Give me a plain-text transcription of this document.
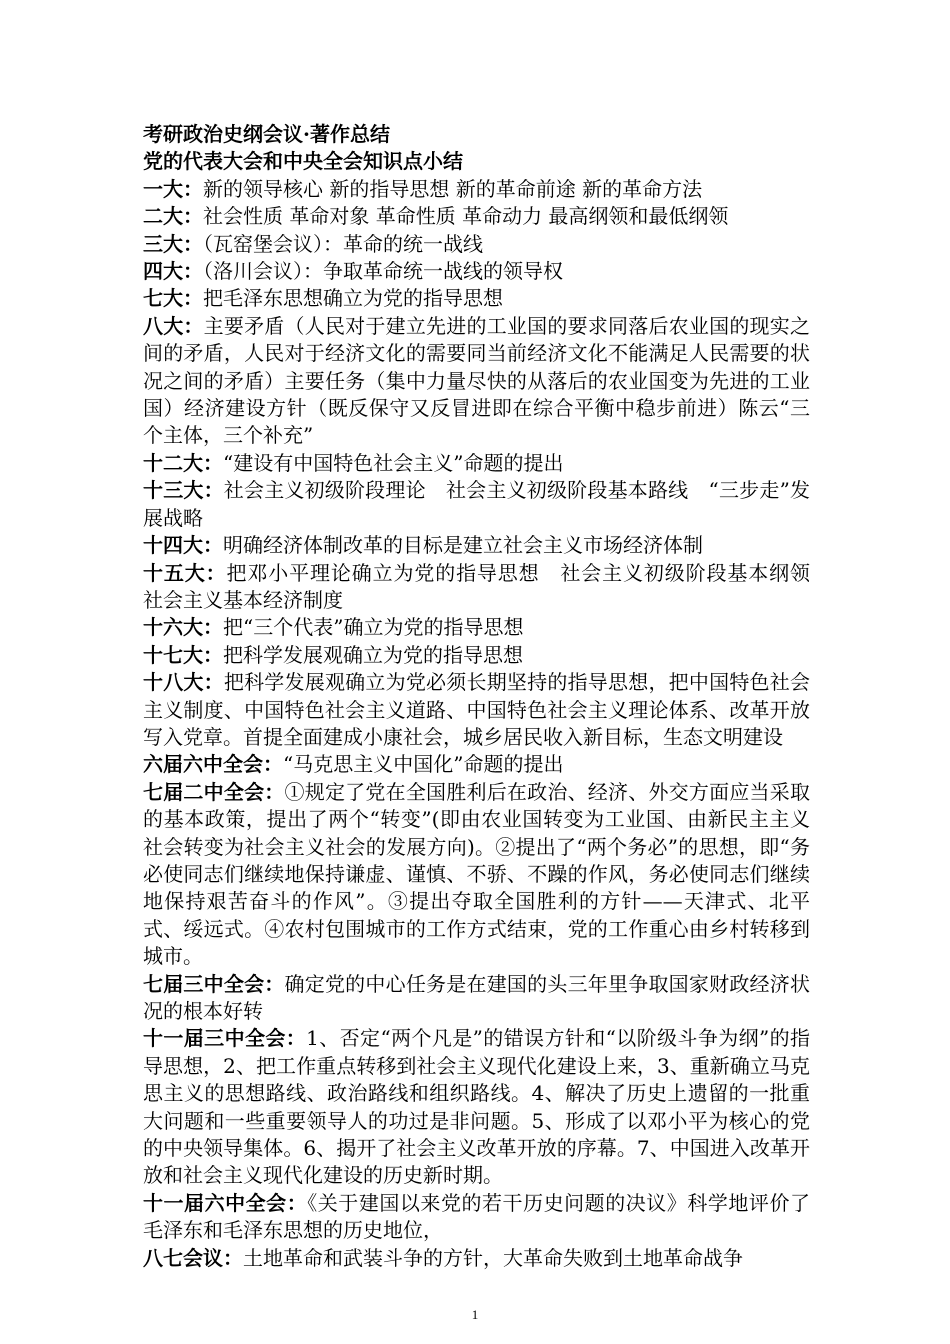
考研政治史纲会议·著作总结
党的代表大会和中央全会知识点小结
一大：新的领导核心 新的指导思想 新的革命前途 新的革命方法
二大：社会性质 革命对象 革命性质 革命动力 最高纲领和最低纲领
三大：（瓦窑堡会议）：革命的统一战线
四大：（洛川会议）：争取革命统一战线的领导权
七大：把毛泽东思想确立为党的指导思想
八大：主要矛盾（人民对于建立先进的工业国的要求同落后农业国的现实之间的矛盾，人民对于经济文化的需要同当前经济文化不能满足人民需要的状况之间的矛盾）主要任务（集中力量尽快的从落后的农业国变为先进的工业国）经济建设方针（既反保守又反冒进即在综合平衡中稳步前进）陈云“三个主体，三个补充”
十二大：“建设有中国特色社会主义”命题的提出
十三大：社会主义初级阶段理论　社会主义初级阶段基本路线　“三步走”发展战略
十四大：明确经济体制改革的目标是建立社会主义市场经济体制
十五大：把邓小平理论确立为党的指导思想　社会主义初级阶段基本纲领　社会主义基本经济制度
十六大：把“三个代表”确立为党的指导思想
十七大：把科学发展观确立为党的指导思想
十八大：把科学发展观确立为党必须长期坚持的指导思想，把中国特色社会主义制度、中国特色社会主义道路、中国特色社会主义理论体系、改革开放写入党章。首提全面建成小康社会，城乡居民收入新目标，生态文明建设
六届六中全会：“马克思主义中国化”命题的提出
七届二中全会：①规定了党在全国胜利后在政治、经济、外交方面应当采取的基本政策，提出了两个“转变”(即由农业国转变为工业国、由新民主主义社会转变为社会主义社会的发展方向)。②提出了“两个务必”的思想，即“务必使同志们继续地保持谦虚、谨慎、不骄、不躁的作风，务必使同志们继续地保持艰苦奋斗的作风”。③提出夺取全国胜利的方针——天津式、北平式、绥远式。④农村包围城市的工作方式结束，党的工作重心由乡村转移到城市。
七届三中全会：确定党的中心任务是在建国的头三年里争取国家财政经济状况的根本好转
十一届三中全会：1、否定“两个凡是”的错误方针和“以阶级斗争为纲”的指导思想，2、把工作重点转移到社会主义现代化建设上来，3、重新确立马克思主义的思想路线、政治路线和组织路线。4、解决了历史上遗留的一批重大问题和一些重要领导人的功过是非问题。5、形成了以邓小平为核心的党的中央领导集体。6、揭开了社会主义改革开放的序幕。7、中国进入改革开放和社会主义现代化建设的历史新时期。
十一届六中全会：《关于建国以来党的若干历史问题的决议》科学地评价了毛泽东和毛泽东思想的历史地位，
八七会议：土地革命和武装斗争的方针，大革命失败到土地革命战争
1
